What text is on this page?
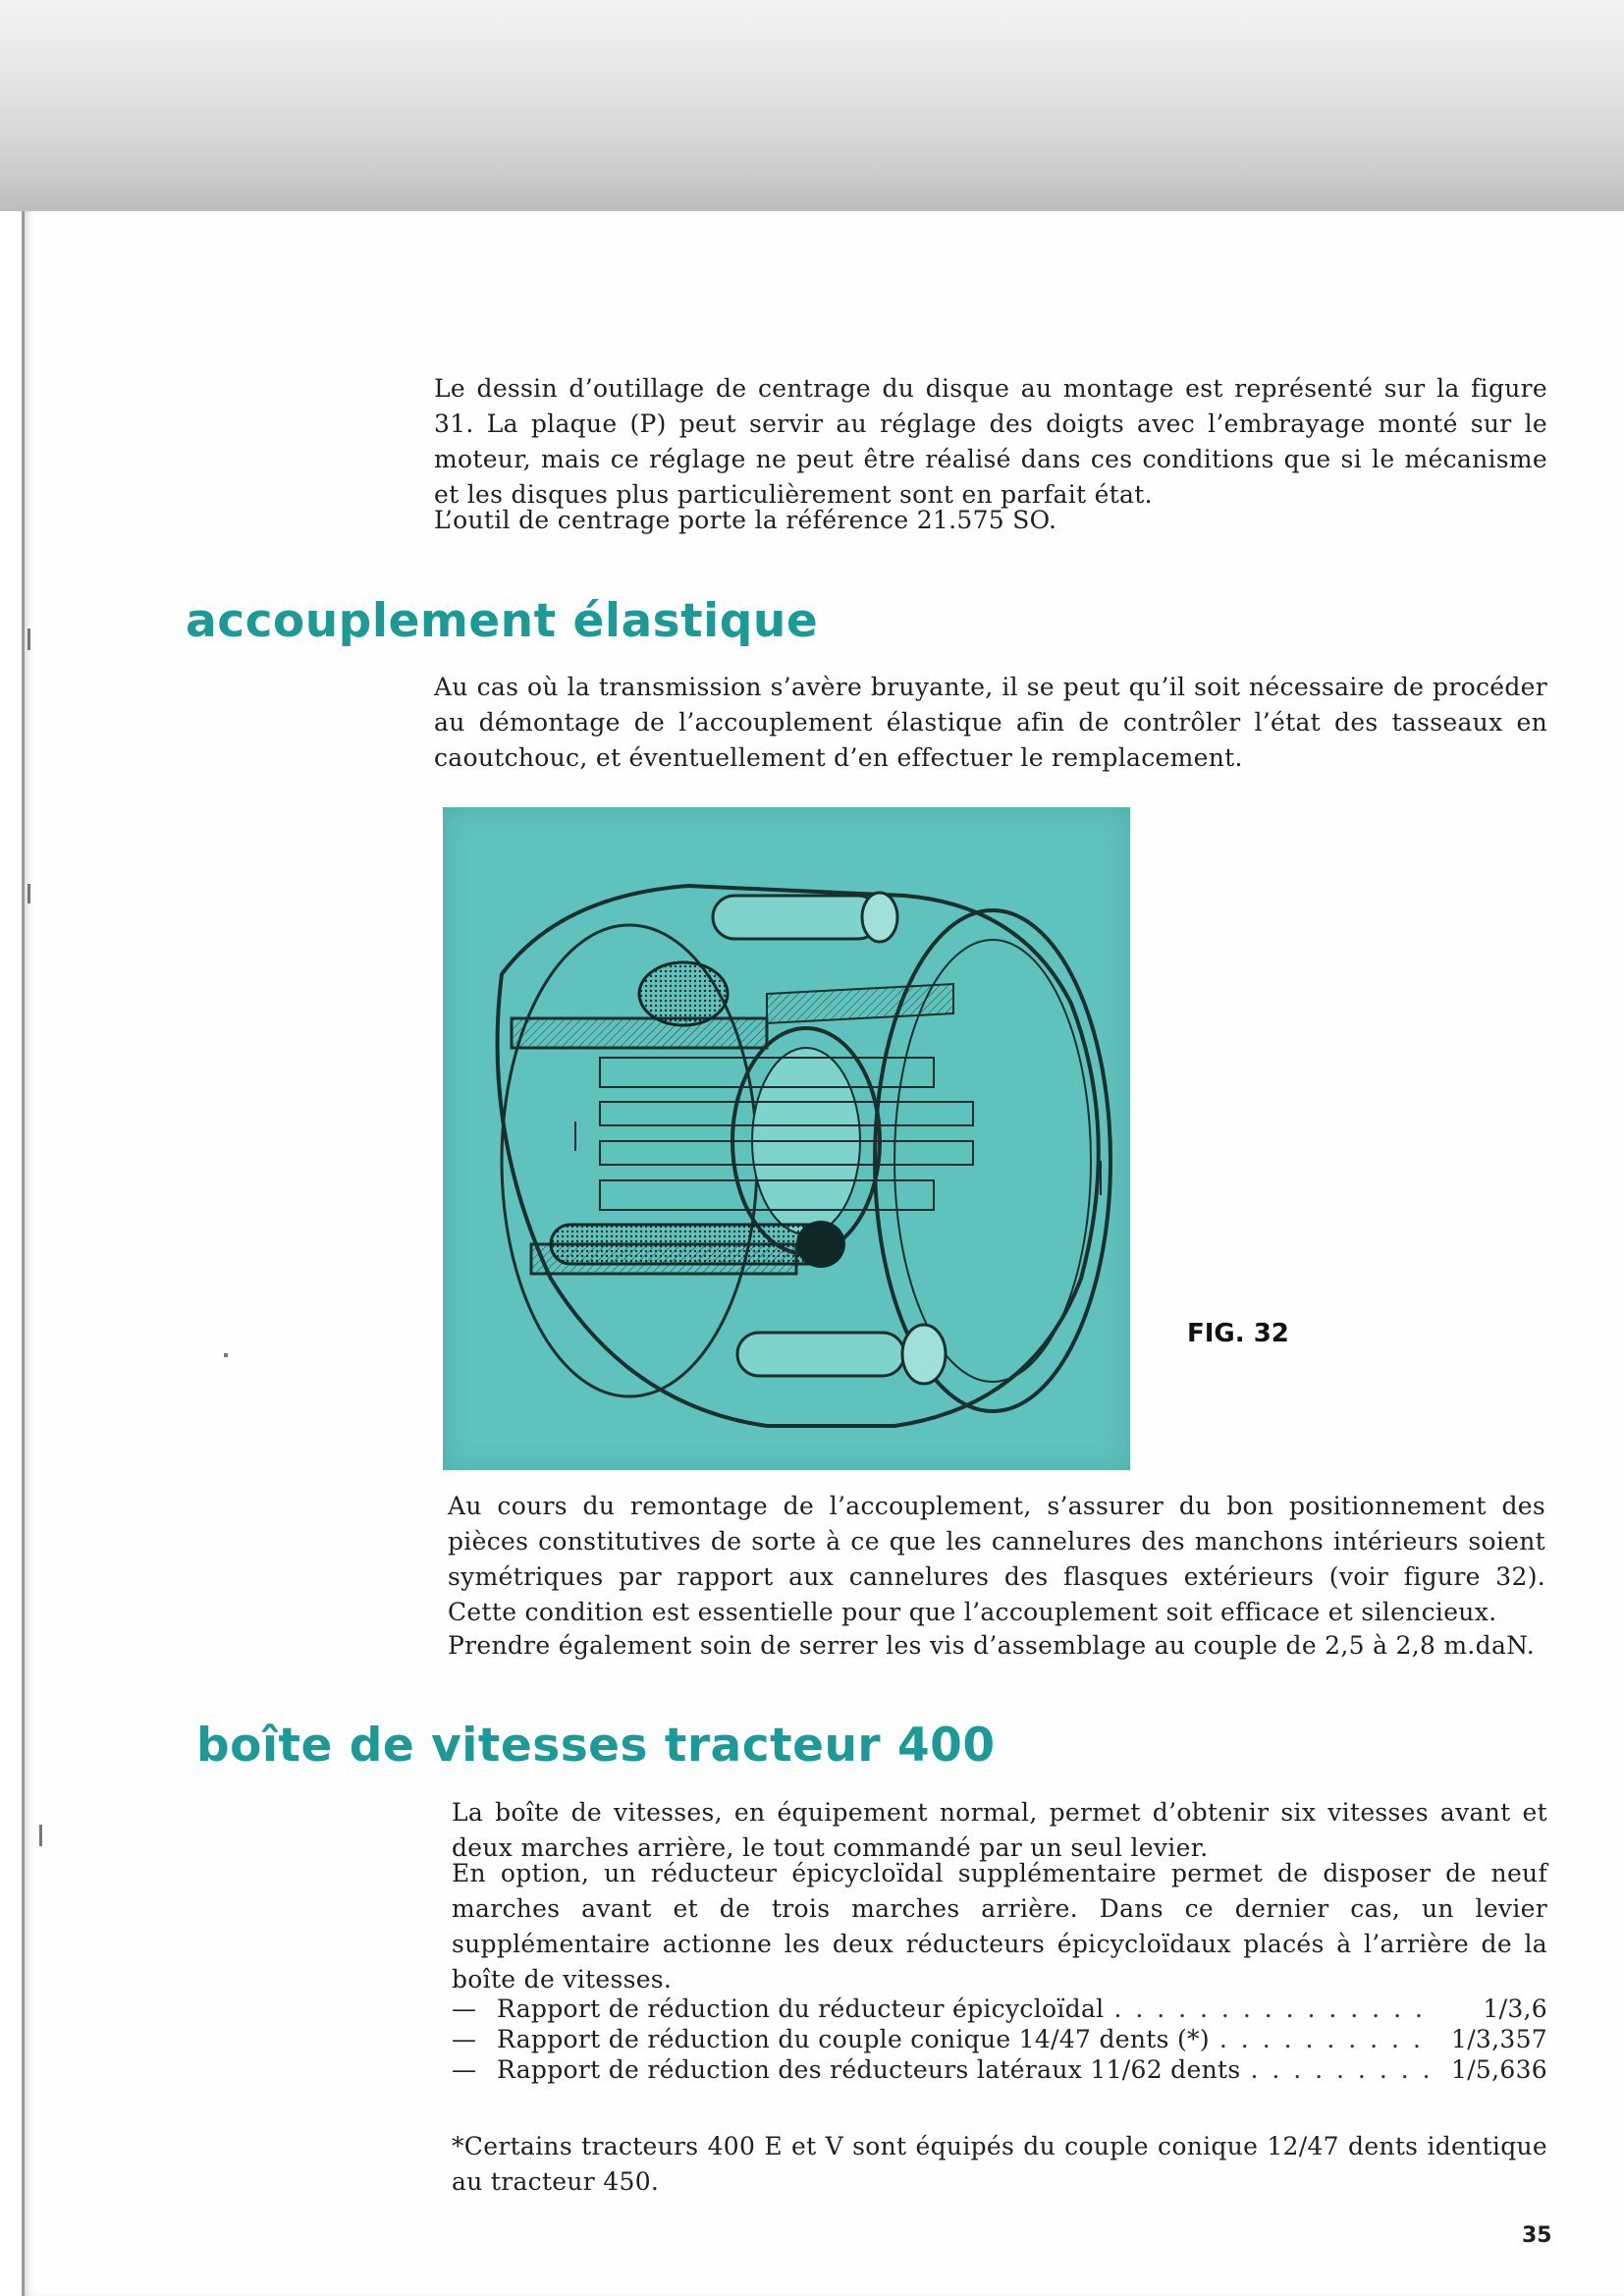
Le dessin d’outillage de centrage du disque au montage est représenté sur la figure 31. La plaque (P) peut servir au réglage des doigts avec l’embrayage monté sur le moteur, mais ce réglage ne peut être réalisé dans ces conditions que si le mécanisme et les disques plus particulièrement sont en parfait état.

L’outil de centrage porte la référence 21.575 SO.

accouplement élastique

Au cas où la transmission s’avère bruyante, il se peut qu’il soit nécessaire de procéder au démontage de l’accouplement élastique afin de contrôler l’état des tasseaux en caoutchouc, et éventuellement d’en effectuer le remplacement.

FIG. 32

Au cours du remontage de l’accouplement, s’assurer du bon positionnement des pièces constitutives de sorte à ce que les cannelures des manchons intérieurs soient symétriques par rapport aux cannelures des flasques extérieurs (voir figure 32). Cette condition est essentielle pour que l’accouplement soit efficace et silencieux.

Prendre également soin de serrer les vis d’assemblage au couple de 2,5 à 2,8 m.daN.

boîte de vitesses tracteur 400

La boîte de vitesses, en équipement normal, permet d’obtenir six vitesses avant et deux marches arrière, le tout commandé par un seul levier.

En option, un réducteur épicycloïdal supplémentaire permet de disposer de neuf marches avant et de trois marches arrière. Dans ce dernier cas, un levier supplémentaire actionne les deux réducteurs épicycloïdaux placés à l’arrière de la boîte de vitesses.

— Rapport de réduction du réducteur épicycloïdal . . .	1/3,6
— Rapport de réduction du couple conique 14/47 dents (*) . . .	1/3,357
— Rapport de réduction des réducteurs latéraux 11/62 dents . . .	1/5,636

*Certains tracteurs 400 E et V sont équipés du couple conique 12/47 dents identique au tracteur 450.

35
